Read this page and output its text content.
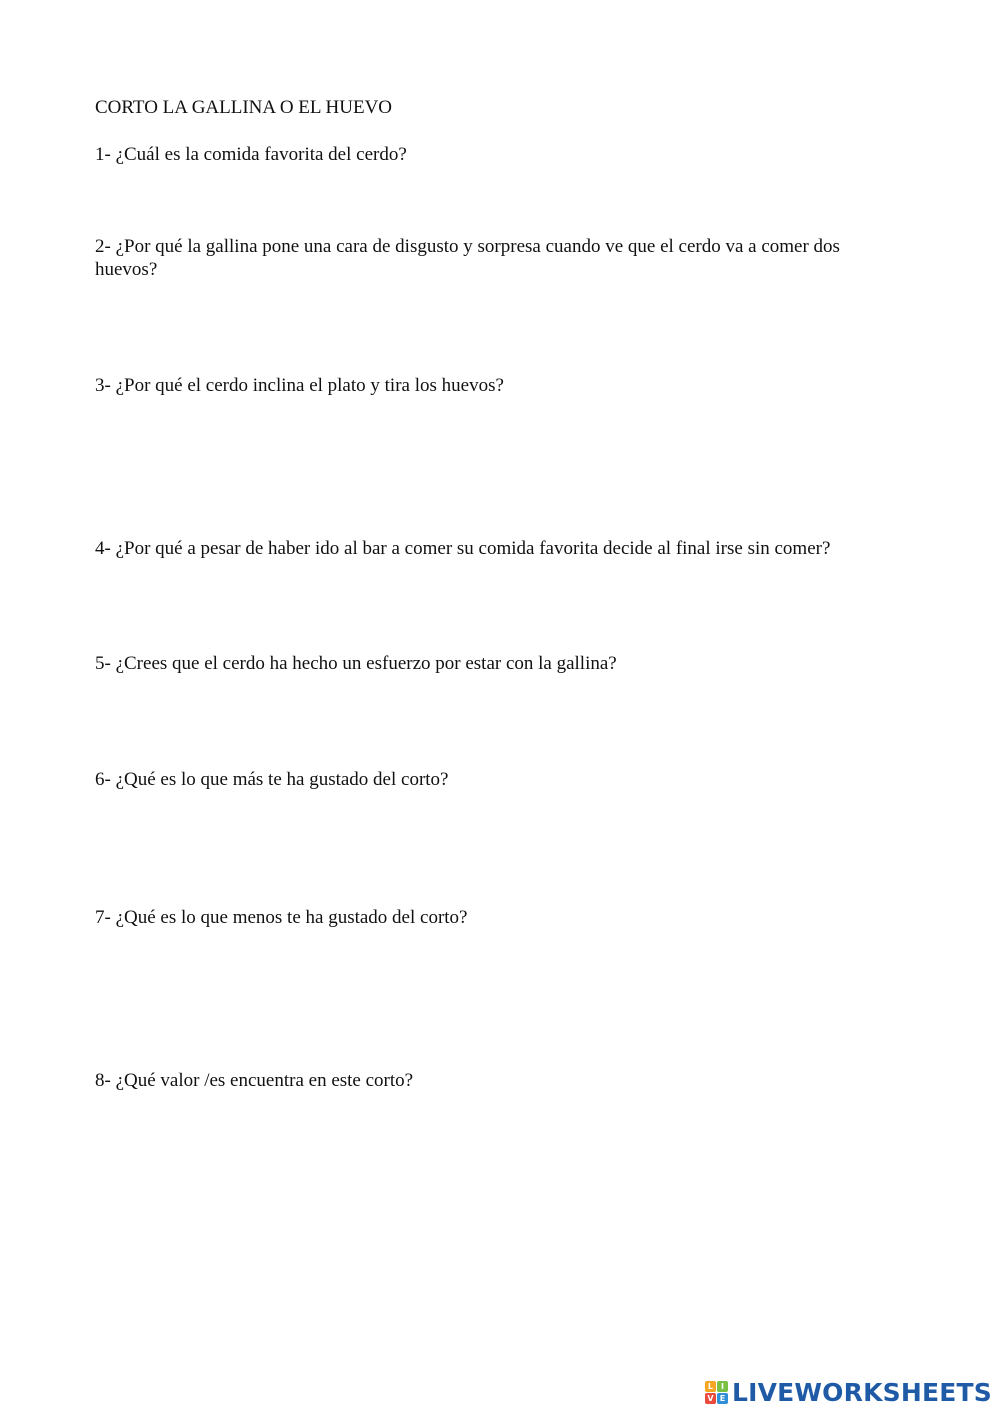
CORTO LA GALLINA O EL HUEVO
1- ¿Cuál es la comida favorita del cerdo?
2- ¿Por qué la gallina pone una cara de disgusto y sorpresa cuando ve que el cerdo va a comer dos huevos?
3- ¿Por qué el cerdo inclina el plato y tira los huevos?
4- ¿Por qué a pesar de haber ido al bar a comer su comida favorita decide al final irse sin comer?
5- ¿Crees que el cerdo ha hecho un esfuerzo por estar con la gallina?
6- ¿Qué es lo que más te ha gustado del corto?
7- ¿Qué es lo que menos te ha gustado del corto?
8- ¿Qué valor /es encuentra en este corto?
L I
V E LIVEWORKSHEETS
